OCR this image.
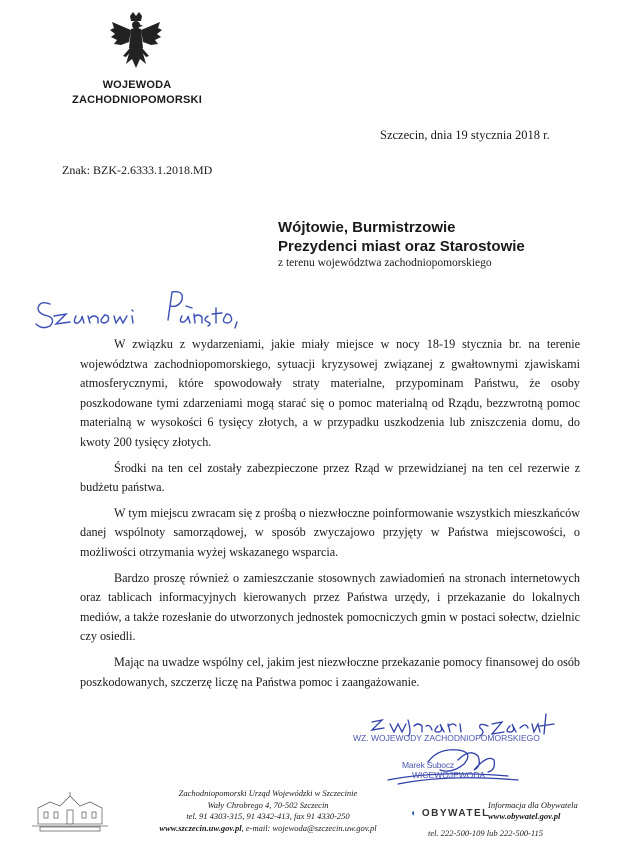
WOJEWODA
ZACHODNIOPOMORSKI
Szczecin, dnia 19 stycznia 2018 r.
Znak: BZK-2.6333.1.2018.MD
Wójtowie, Burmistrzowie
Prezydenci miast oraz Starostowie
z terenu województwa zachodniopomorskiego

W związku z wydarzeniami, jakie miały miejsce w nocy 18-19 stycznia br. na terenie województwa zachodniopomorskiego, sytuacji kryzysowej związanej z gwałtownymi zjawiskami atmosferycznymi, które spowodowały straty materialne, przypominam Państwu, że osoby poszkodowane tymi zdarzeniami mogą starać się o pomoc materialną od Rządu, bezzwrotną pomoc materialną w wysokości 6 tysięcy złotych, a w przypadku uszkodzenia lub zniszczenia domu, do kwoty 200 tysięcy złotych.

Środki na ten cel zostały zabezpieczone przez Rząd w przewidzianej na ten cel rezerwie z budżetu państwa.

W tym miejscu zwracam się z prośbą o niezwłoczne poinformowanie wszystkich mieszkańców danej wspólnoty samorządowej, w sposób zwyczajowo przyjęty w Państwa miejscowości, o możliwości otrzymania wyżej wskazanego wsparcia.

Bardzo proszę również o zamieszczanie stosownych zawiadomień na stronach internetowych oraz tablicach informacyjnych kierowanych przez Państwa urzędy, i przekazanie do lokalnych mediów, a także rozesłanie do utworzonych jednostek pomocniczych gmin w postaci sołectw, dzielnic czy osiedli.

Mając na uwadze wspólny cel, jakim jest niezwłoczne przekazanie pomocy finansowej do osób poszkodowanych, szczerzę liczę na Państwa pomoc i zaangażowanie.

WZ. WOJEWODY ZACHODNIOPOMORSKIEGO
Marek Subocz
WICEWOJEWODA
Zachodniopomorski Urząd Wojewódzki w Szczecinie
Wały Chrobrego 4, 70-502 Szczecin
tel. 91 4303-315, 91 4342-413, fax 91 4330-250
www.szczecin.uw.gov.pl, e-mail: wojewoda@szczecin.uw.gov.pl
◖ OBYWATEL
Informacja dla Obywatela
www.obywatel.gov.pl
tel. 222-500-109 lub 222-500-115
